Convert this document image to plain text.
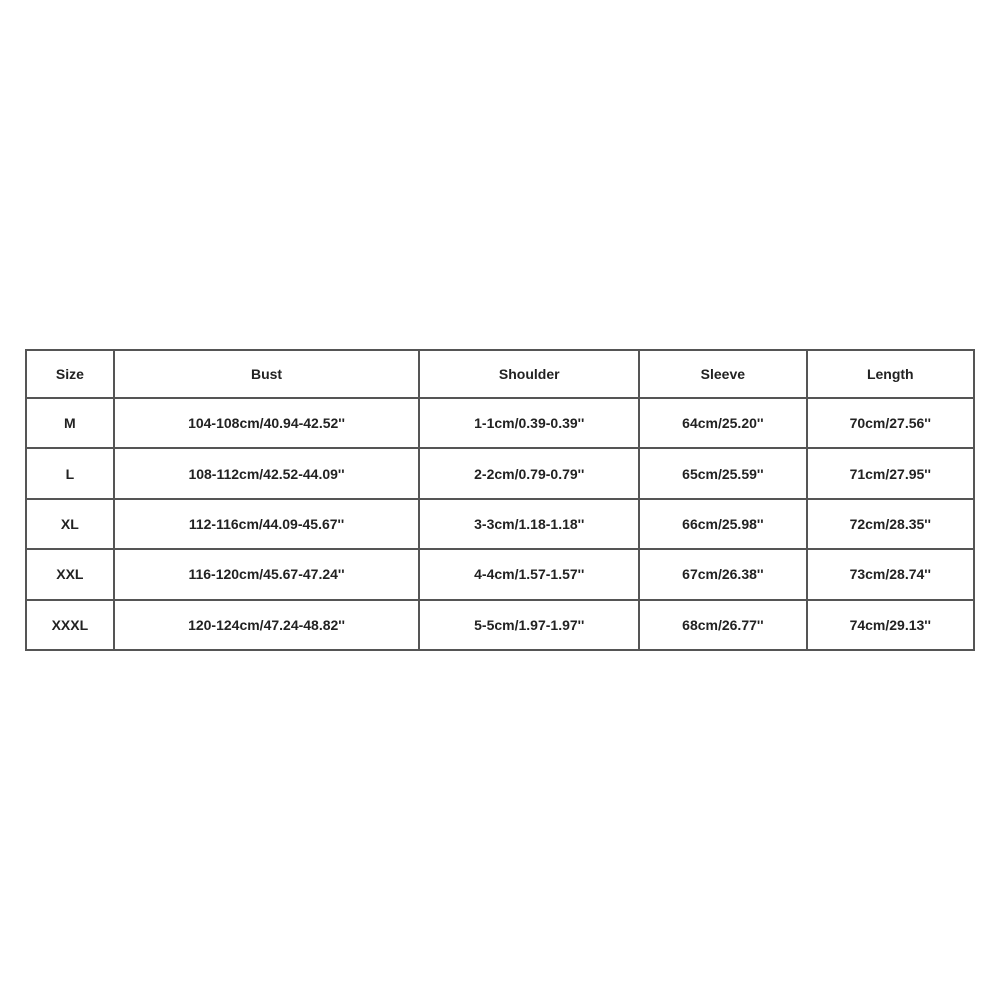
Size	Bust	Shoulder	Sleeve	Length
M	104-108cm/40.94-42.52''	1-1cm/0.39-0.39''	64cm/25.20''	70cm/27.56''
L	108-112cm/42.52-44.09''	2-2cm/0.79-0.79''	65cm/25.59''	71cm/27.95''
XL	112-116cm/44.09-45.67''	3-3cm/1.18-1.18''	66cm/25.98''	72cm/28.35''
XXL	116-120cm/45.67-47.24''	4-4cm/1.57-1.57''	67cm/26.38''	73cm/28.74''
XXXL	120-124cm/47.24-48.82''	5-5cm/1.97-1.97''	68cm/26.77''	74cm/29.13''
